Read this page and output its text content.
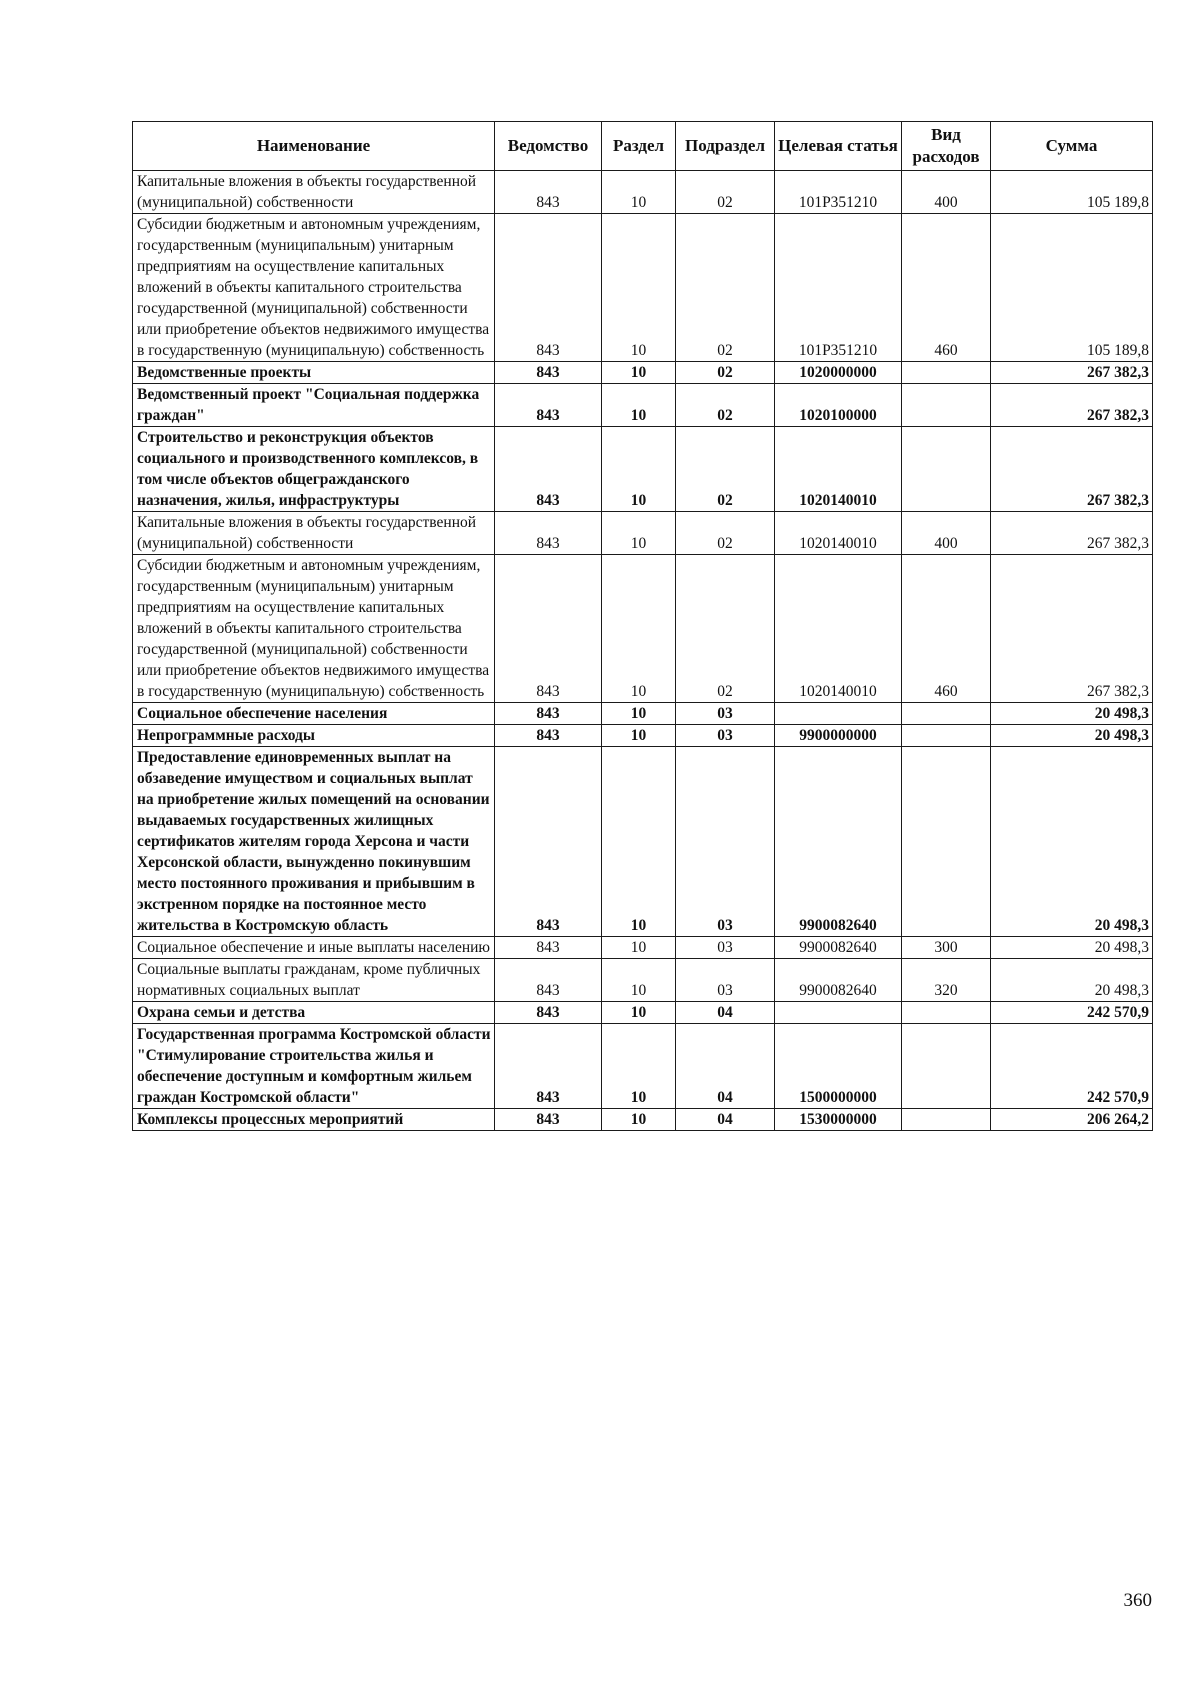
Наименование	Ведомство	Раздел	Подраздел	Целевая статья	Вид расходов	Сумма
Капитальные вложения в объекты государственной (муниципальной) собственности	843	10	02	101P351210	400	105 189,8
Субсидии бюджетным и автономным учреждениям, государственным (муниципальным) унитарным предприятиям на осуществление капитальных вложений в объекты капитального строительства государственной (муниципальной) собственности или приобретение объектов недвижимого имущества в государственную (муниципальную) собственность	843	10	02	101P351210	460	105 189,8
Ведомственные проекты	843	10	02	1020000000		267 382,3
Ведомственный проект "Социальная поддержка граждан"	843	10	02	1020100000		267 382,3
Строительство и реконструкция объектов социального и производственного комплексов, в том числе объектов общегражданского назначения, жилья, инфраструктуры	843	10	02	1020140010		267 382,3
Капитальные вложения в объекты государственной (муниципальной) собственности	843	10	02	1020140010	400	267 382,3
Субсидии бюджетным и автономным учреждениям, государственным (муниципальным) унитарным предприятиям на осуществление капитальных вложений в объекты капитального строительства государственной (муниципальной) собственности или приобретение объектов недвижимого имущества в государственную (муниципальную) собственность	843	10	02	1020140010	460	267 382,3
Социальное обеспечение населения	843	10	03			20 498,3
Непрограммные расходы	843	10	03	9900000000		20 498,3
Предоставление единовременных выплат на обзаведение имуществом и социальных выплат на приобретение жилых помещений на основании выдаваемых государственных жилищных сертификатов жителям города Херсона и части Херсонской области, вынужденно покинувшим место постоянного проживания и прибывшим в экстренном порядке на постоянное место жительства в Костромскую область	843	10	03	9900082640		20 498,3
Социальное обеспечение и иные выплаты населению	843	10	03	9900082640	300	20 498,3
Социальные выплаты гражданам, кроме публичных нормативных социальных выплат	843	10	03	9900082640	320	20 498,3
Охрана семьи и детства	843	10	04			242 570,9
Государственная программа Костромской области "Стимулирование строительства жилья и обеспечение доступным и комфортным жильем граждан Костромской области"	843	10	04	1500000000		242 570,9
Комплексы процессных мероприятий	843	10	04	1530000000		206 264,2
360
